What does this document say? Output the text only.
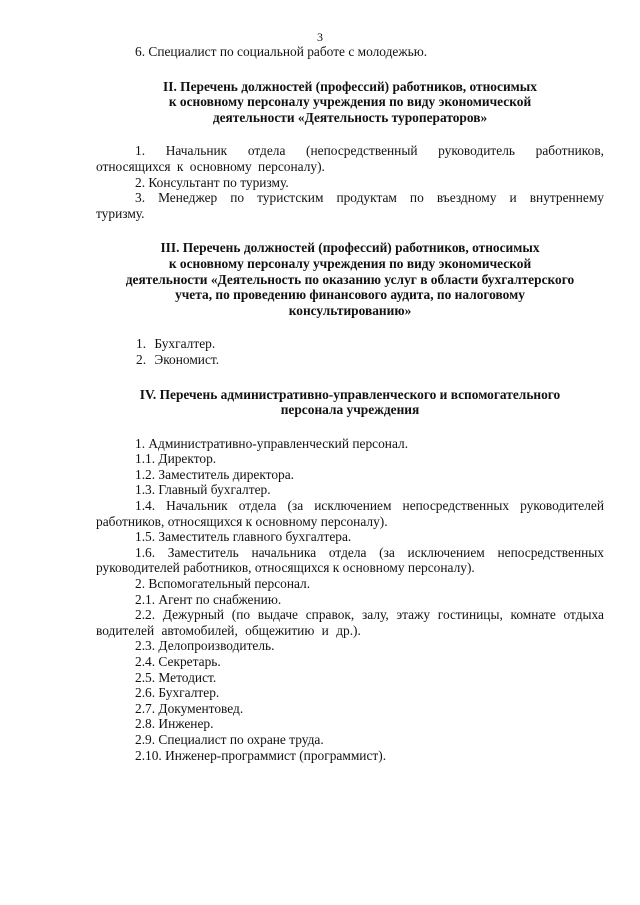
3

6. Специалист по социальной работе с молодежью.

II. Перечень должностей (профессий) работников, относимых
к основному персоналу учреждения по виду экономической
деятельности «Деятельность туроператоров»

1. Начальник отдела (непосредственный руководитель работников, относящихся к основному персоналу).

2. Консультант по туризму.

3. Менеджер по туристским продуктам по въездному и внутреннему туризму.

III. Перечень должностей (профессий) работников, относимых
к основному персоналу учреждения по виду экономической
деятельности «Деятельность по оказанию услуг в области бухгалтерского
учета, по проведению финансового аудита, по налоговому
консультированию»
1. Бухгалтер.
2. Экономист.
IV. Перечень административно-управленческого и вспомогательного
персонала учреждения

1. Административно-управленческий персонал.

1.1. Директор.

1.2. Заместитель директора.

1.3. Главный бухгалтер.

1.4. Начальник отдела (за исключением непосредственных руководителей работников, относящихся к основному персоналу).

1.5. Заместитель главного бухгалтера.

1.6. Заместитель начальника отдела (за исключением непосредственных руководителей работников, относящихся к основному персоналу).

2. Вспомогательный персонал.

2.1. Агент по снабжению.

2.2. Дежурный (по выдаче справок, залу, этажу гостиницы, комнате отдыха водителей автомобилей, общежитию и др.).

2.3. Делопроизводитель.

2.4. Секретарь.

2.5. Методист.

2.6. Бухгалтер.

2.7. Документовед.

2.8. Инженер.

2.9. Специалист по охране труда.

2.10. Инженер-программист (программист).
